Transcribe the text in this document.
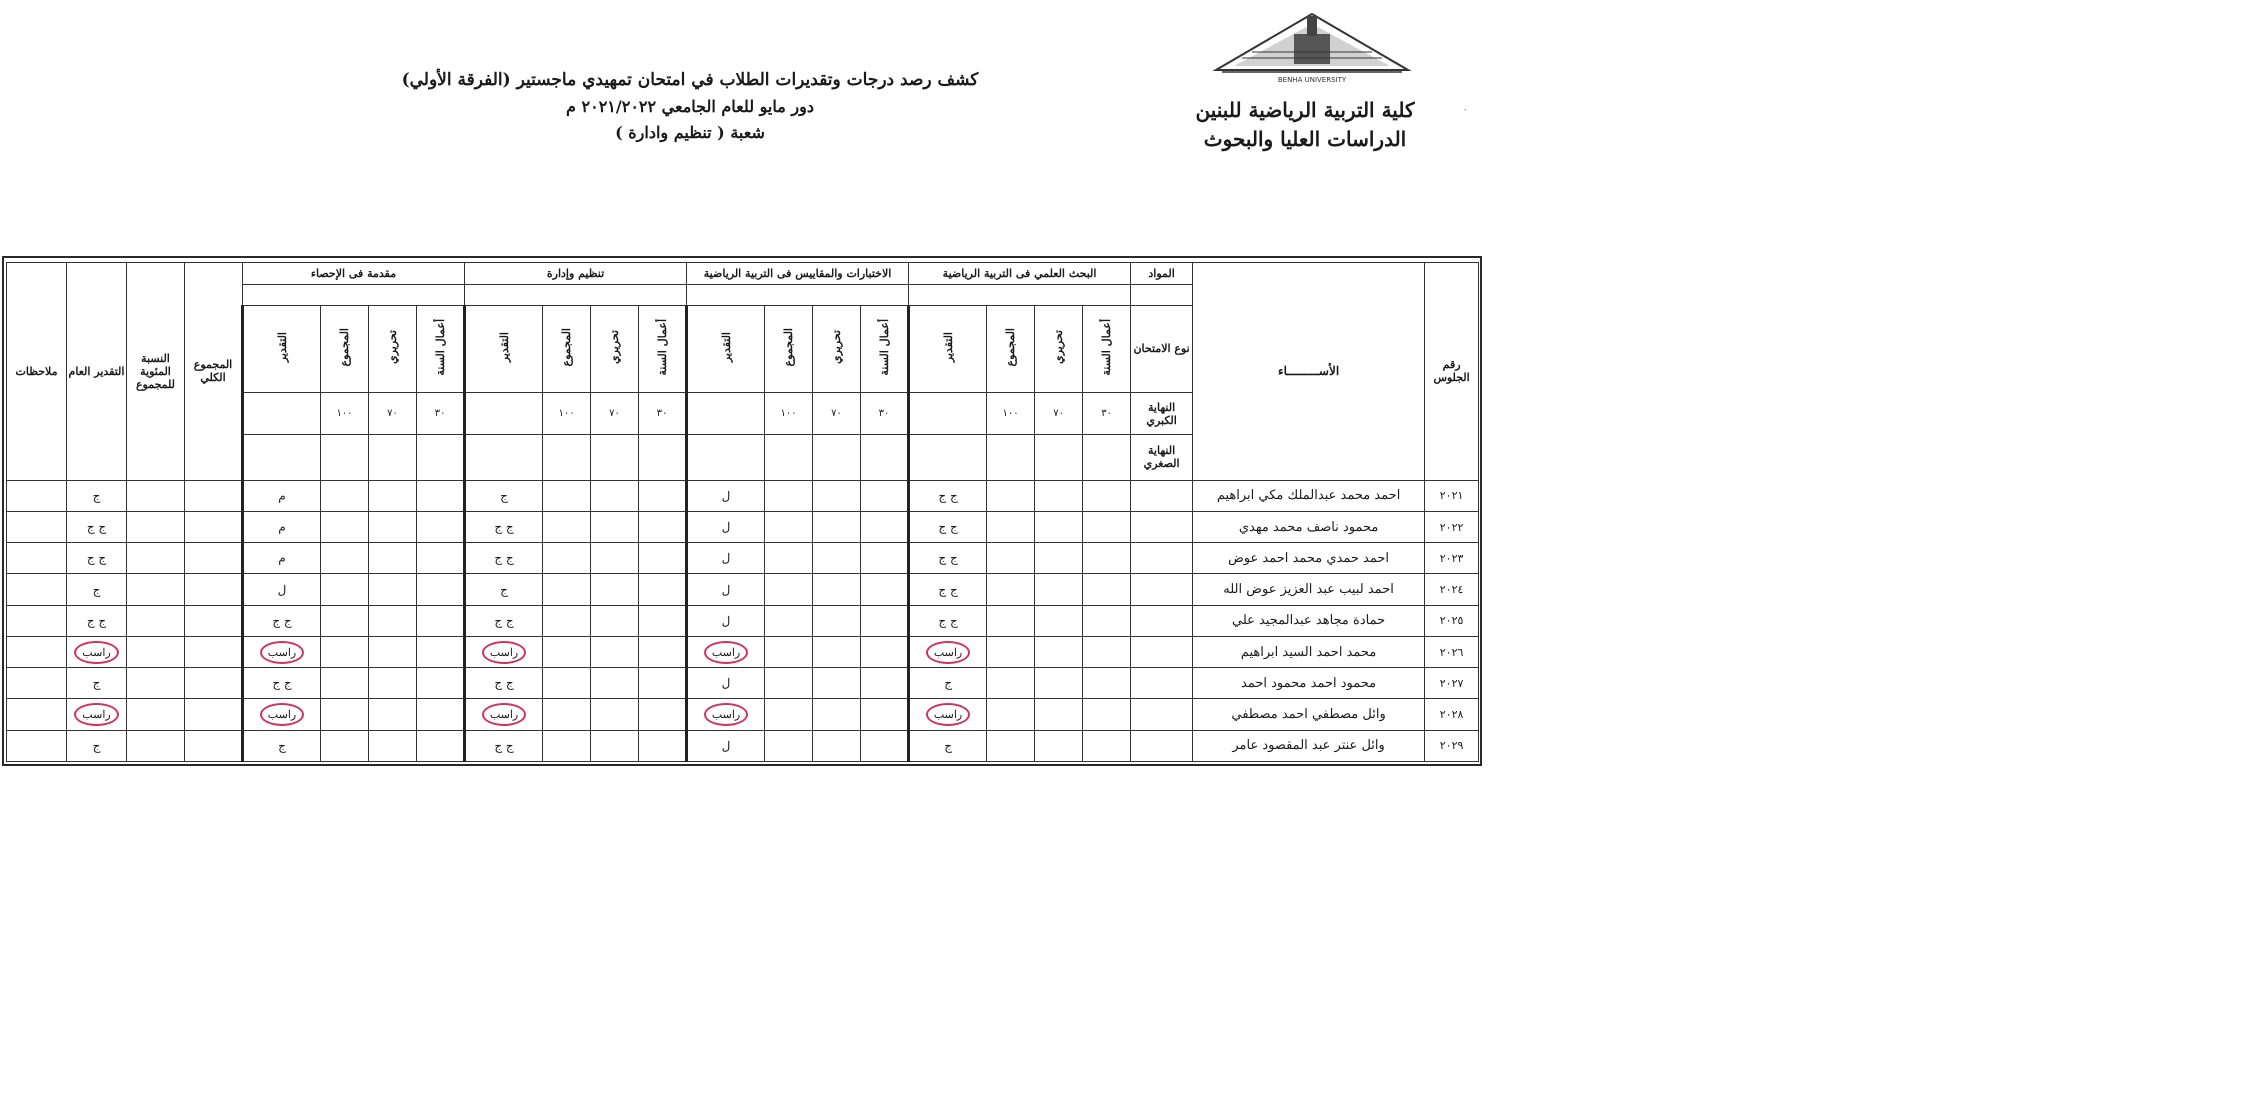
BENHA UNIVERSITY
كلية التربية الرياضية للبنين
الدراسات العليا والبحوث
كشف رصد درجات وتقديرات الطلاب في امتحان تمهيدي ماجستير (الفرقة الأولي)
دور مايو للعام الجامعي ٢٠٢١/٢٠٢٢ م
شعبة ( تنظيم وادارة )
٠
رقم الجلوس	الأســـــــــاء	المواد	البحث العلمي فى التربية الرياضية				الاختبارات والمقاييس فى التربية الرياضية				تنظيم وإدارة				مقدمة فى الإحصاء				المجموع الكلي	النسبة المئوية للمجموع	التقدير العام	ملاحظات

		نوع الامتحان	أعمال السنة	تحريري	المجموع	التقدير	أعمال السنة	تحريري	المجموع	التقدير	أعمال السنة	تحريري	المجموع	التقدير	أعمال السنة	تحريري	المجموع	التقدير				
		النهاية الكبري	٣٠	٧٠	١٠٠		٣٠	٧٠	١٠٠		٣٠	٧٠	١٠٠		٣٠	٧٠	١٠٠					
		النهاية الصغري																				
٢٠٢١	احمد محمد عبدالملك مكي ابراهيم					ج ج				ل				ج				م			ج	
٢٠٢٢	محمود ناصف محمد مهدي					ج ج				ل				ج ج				م			ج ج	
٢٠٢٣	احمد حمدي محمد احمد عوض					ج ج				ل				ج ج				م			ج ج	
٢٠٢٤	احمد لبيب عبد العزيز عوض الله					ج ج				ل				ج				ل			ج	
٢٠٢٥	حمادة مجاهد عبدالمجيد علي					ج ج				ل				ج ج				ج ج			ج ج	
٢٠٢٦	محمد احمد السيد ابراهيم					راسب				راسب				راسب				راسب			راسب	
٢٠٢٧	محمود احمد محمود احمد					ج				ل				ج ج				ج ج			ج	
٢٠٢٨	وائل مصطفي احمد مصطفي					راسب				راسب				راسب				راسب			راسب	
٢٠٢٩	وائل عنتر عبد المقصود عامر					ج				ل				ج ج				ج			ج	
